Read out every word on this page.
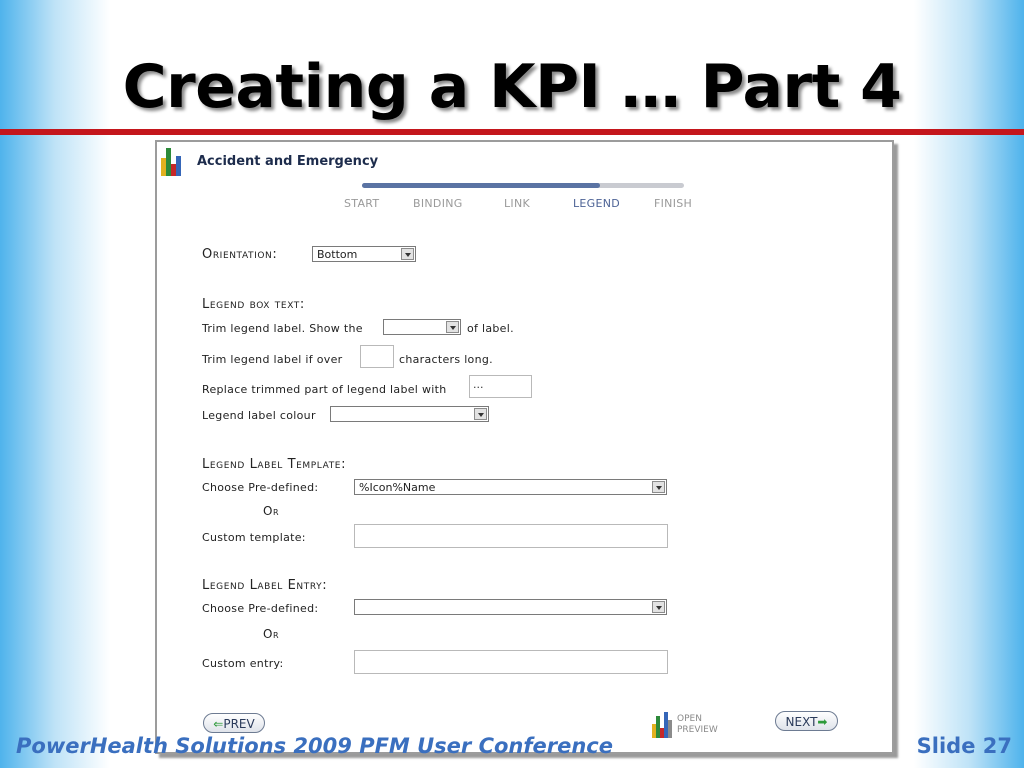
Creating a KPI … Part 4
Accident and Emergency
START	BINDING	LINK	LEGEND	FINISH
Orientation:	Bottom
Legend box text:
Trim legend label. Show the	of label.
Trim legend label if over	characters long.
Replace trimmed part of legend label with	...
Legend label colour
Legend Label Template:
Choose Pre-defined:	%Icon%Name
Or
Custom template:
Legend Label Entry:
Choose Pre-defined:
Or
Custom entry:
⇐PREV	OPEN
PREVIEW
NEXT➡
PowerHealth Solutions 2009 PFM User Conference	Slide 27
